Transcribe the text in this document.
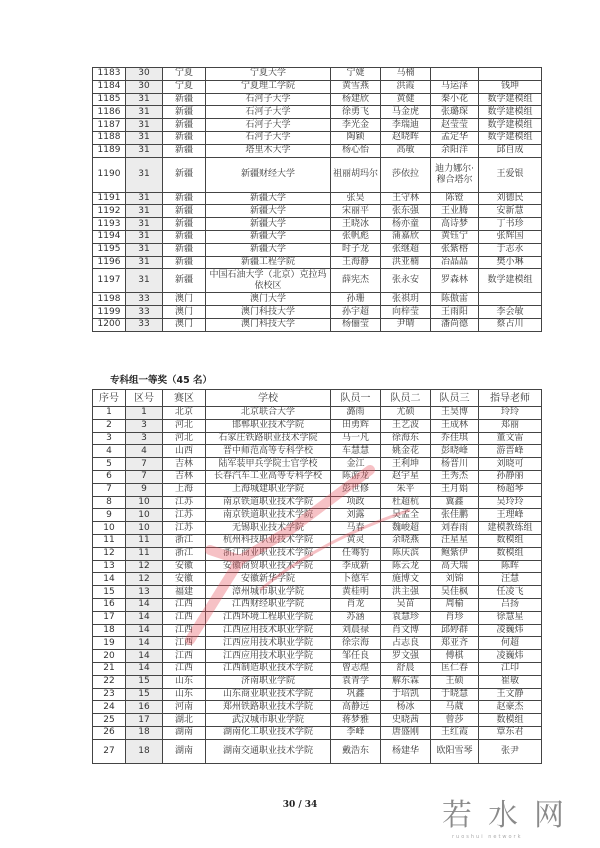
1183	30	宁夏	宁夏大学	宁婕	马楠		
1184	30	宁夏	宁夏理工学院	黄雪燕	洪霞	马运泽	钱坤
1185	31	新疆	石河子大学	杨建欣	黄健	秦小花	数学建模组
1186	31	新疆	石河子大学	徐勇飞	马金虎	张璐琛	数学建模组
1187	31	新疆	石河子大学	李光金	李瑞迪	赵莹莹	数学建模组
1188	31	新疆	石河子大学	陶颖	赵晓晖	孟定华	数学建模组
1189	31	新疆	塔里木大学	杨心怡	高敏	余阳洋	邱自成
1190	31	新疆	新疆财经大学	祖丽胡玛尔	莎依拉	迪力娜尔·穆合塔尔	王爱银
1191	31	新疆	新疆大学	张昊	王守林	陈镫	刘德民
1192	31	新疆	新疆大学	宋丽平	张东强	王业腾	安新慧
1193	31	新疆	新疆大学	王晓冰	杨亦童	高诗梦	丁书珍
1194	31	新疆	新疆大学	张帆彪	蒲嘉欣	黄钰宁	张辉国
1195	31	新疆	新疆大学	时子龙	张继超	张紫榕	于志永
1196	31	新疆	新疆工程学院	王海静	洪亚楠	冶晶晶	樊小琳
1197	31	新疆	中国石油大学（北京）克拉玛依校区	薛宪杰	张永安	罗森林	数学建模组
1198	33	澳门	澳门大学	孙珊	张祺玥	陈傲雷	
1199	33	澳门	澳门科技大学	孙宇超	向梓莹	王雨阳	李会敏
1200	33	澳门	澳门科技大学	杨俪莹	尹晴	潘尚德	蔡占川
专科组一等奖（45 名）
序号	区号	赛区	学校	队员一	队员二	队员三	指导老师
1	1	北京	北京联合大学	潞雨	尤硕	王昊博	玲玲
2	3	河北	邯郸职业技术学院	田勇辉	王艺波	王成林	郑丽
3	3	河北	石家庄铁路职业技术学院	马一凡	徐海东	乔佳琪	董文雷
4	4	山西	晋中师范高等专科学校	车慧慧	姚金花	彭晓峰	游晋峰
5	7	吉林	陆军装甲兵学院士官学校	金江	王利坤	杨晋川	刘晓可
6	7	吉林	长春汽车工业高等专科学校	陈游龙	赵宇星	王秀杰	孙静丽
7	9	上海	上海城建职业学院	彭世修	朱平	王月娟	杨超琴
8	10	江苏	南京铁道职业技术学院	项政	杜超杭	冀鑫	吴玲玲
9	10	江苏	南京铁道职业技术学院	刘露	吴孟全	张佳鹏	王理峰
10	10	江苏	无锡职业技术学院	马春	魏峻超	刘春雨	建模教练组
11	11	浙江	杭州科技职业技术学院	黄灵	余晓燕	汪星星	数模组
12	11	浙江	浙江商业职业技术学院	任骞豹	陈庆滨	鲍紫伊	数模组
13	12	安徽	安徽商贸职业技术学院	李成新	陈云龙	高天瑞	陈晖
14	12	安徽	安徽新华学院	卜德军	施博文	刘锦	汪慧
15	13	福建	漳州城市职业学院	黄桂明	洪主强	吴佳枫	任凌飞
16	14	江西	江西财经职业学院	肖龙	吴苗	周榆	吕扬
17	14	江西	江西环境工程职业学院	苏涵	袁慧珍	肖珍	徐慧星
18	14	江西	江西应用技术职业学院	刘晨禄	肖文博	邱婷群	凌巍炜
19	14	江西	江西应用技术职业学院	徐宗海	占志良	郑亚齐	何超
20	14	江西	江西应用技术职业学院	邹任良	罗文强	傅棋	凌巍炜
21	14	江西	江西制造职业技术学院	曾志煌	舒晨	匡仁春	江印
22	15	山东	济南职业学院	袁青学	解东霖	王硕	崔敏
23	15	山东	山东商业职业技术学院	巩鑫	于培凯	于晓慧	王文静
24	16	河南	郑州铁路职业技术学院	高静远	杨冰	马葳	赵豪杰
25	17	湖北	武汉城市职业学院	蒋梦雅	史晓茜	曾莎	数模组
26	18	湖南	湖南化工职业技术学院	李峰	唐盛刚	王红霞	覃东君
27	18	湖南	湖南交通职业技术学院	戴浩东	杨建华	欧阳雪琴	张尹
30 / 34	若水网
ruoshui network
